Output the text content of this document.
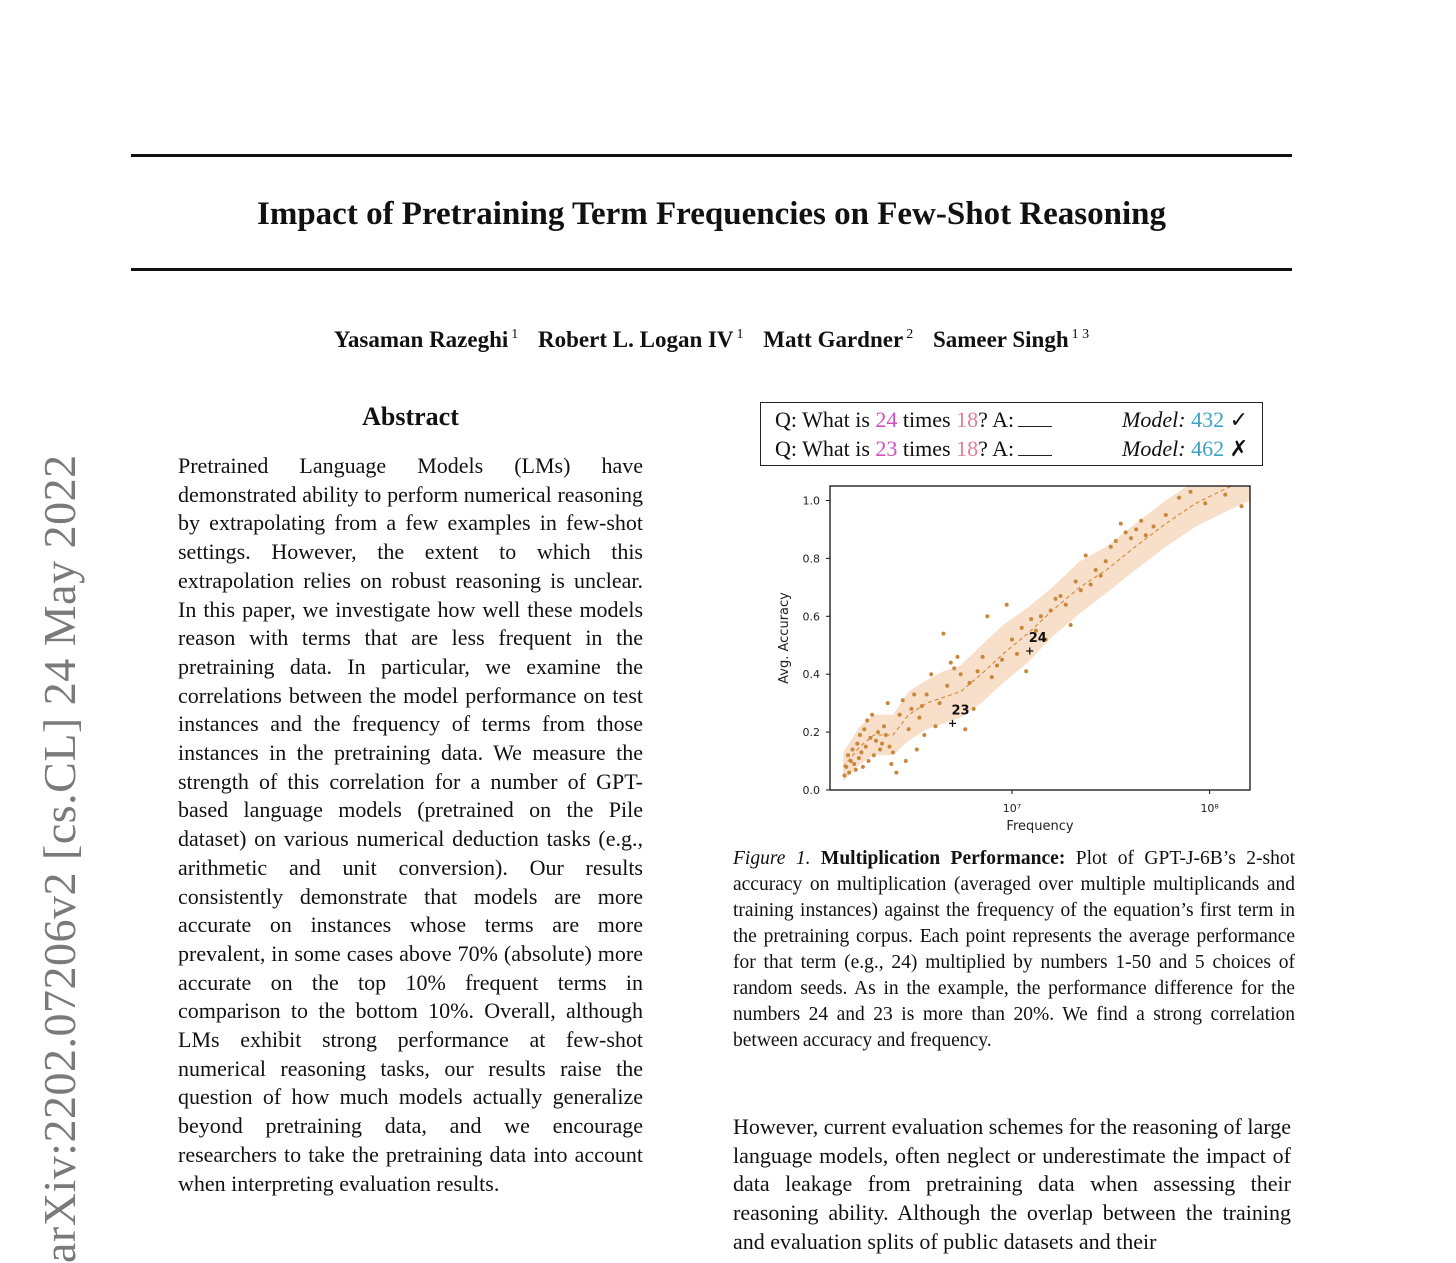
Impact of Pretraining Term Frequencies on Few-Shot Reasoning
Yasaman Razeghi $^1$ Robert L. Logan IV $^1$ Matt Gardner $^2$ Sameer Singh $^{1 3}$
arXiv:2202.07206v2 [cs.CL] 24 May 2022
Abstract
Pretrained Language Models (LMs) have demonstrated ability to perform numerical reasoning by extrapolating from a few examples in few-shot settings. However, the extent to which this extrapolation relies on robust reasoning is unclear. In this paper, we investigate how well these models reason with terms that are less frequent in the pretraining data. In particular, we examine the correlations between the model performance on test instances and the frequency of terms from those instances in the pretraining data. We measure the strength of this correlation for a number of GPT-based language models (pretrained on the Pile dataset) on various numerical deduction tasks (e.g., arithmetic and unit conversion). Our results consistently demonstrate that models are more accurate on instances whose terms are more prevalent, in some cases above 70% (absolute) more accurate on the top 10% frequent terms in comparison to the bottom 10%. Overall, although LMs exhibit strong performance at few-shot numerical reasoning tasks, our results raise the question of how much models actually generalize beyond pretraining data, and we encourage researchers to take the pretraining data into account when interpreting evaluation results.
Q: What is 24 times 18? A:	Model: 432 ✓
Q: What is 23 times 18? A:	Model: 462 ✗
24
23
0.0
0.2
0.4
0.6
0.8
1.0
10⁷	10⁸
Frequency
Avg. Accuracy
Figure 1. Multiplication Performance: Plot of GPT-J-6B’s 2-shot accuracy on multiplication (averaged over multiple multiplicands and training instances) against the frequency of the equation’s first term in the pretraining corpus. Each point represents the average performance for that term (e.g., 24) multiplied by numbers 1-50 and 5 choices of random seeds. As in the example, the performance difference for the numbers 24 and 23 is more than 20%. We find a strong correlation between accuracy and frequency.
However, current evaluation schemes for the reasoning of large language models, often neglect or underestimate the impact of data leakage from pretraining data when assessing their reasoning ability. Although the overlap between the training and evaluation splits of public datasets and their
